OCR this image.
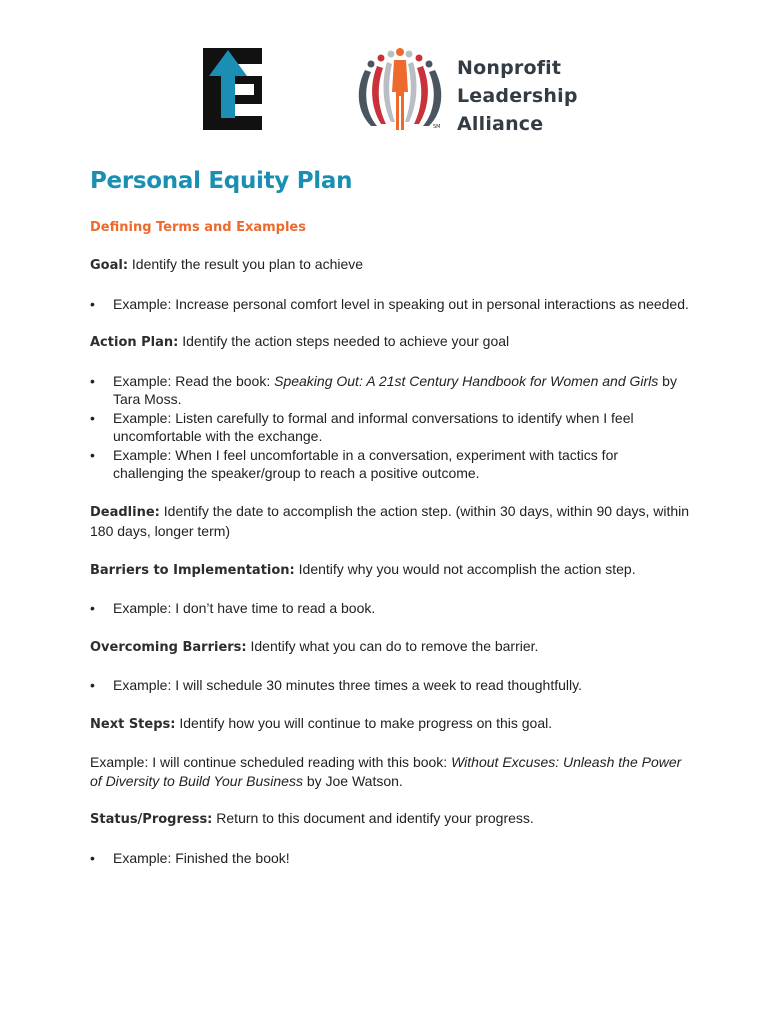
SM
Nonprofit
Leadership
Alliance
Personal Equity Plan
Defining Terms and Examples

Goal: Identify the result you plan to achieve

• Example: Increase personal comfort level in speaking out in personal interactions as needed.

Action Plan: Identify the action steps needed to achieve your goal

• Example: Read the book: Speaking Out: A 21st Century Handbook for Women and Girls by Tara Moss.
• Example: Listen carefully to formal and informal conversations to identify when I feel uncomfortable with the exchange.
• Example: When I feel uncomfortable in a conversation, experiment with tactics for challenging the speaker/group to reach a positive outcome.

Deadline: Identify the date to accomplish the action step. (within 30 days, within 90 days, within 180 days, longer term)

Barriers to Implementation: Identify why you would not accomplish the action step.

• Example: I don’t have time to read a book.

Overcoming Barriers: Identify what you can do to remove the barrier.

• Example: I will schedule 30 minutes three times a week to read thoughtfully.

Next Steps: Identify how you will continue to make progress on this goal.

Example: I will continue scheduled reading with this book: Without Excuses: Unleash the Power of Diversity to Build Your Business by Joe Watson.

Status/Progress: Return to this document and identify your progress.

• Example: Finished the book!
